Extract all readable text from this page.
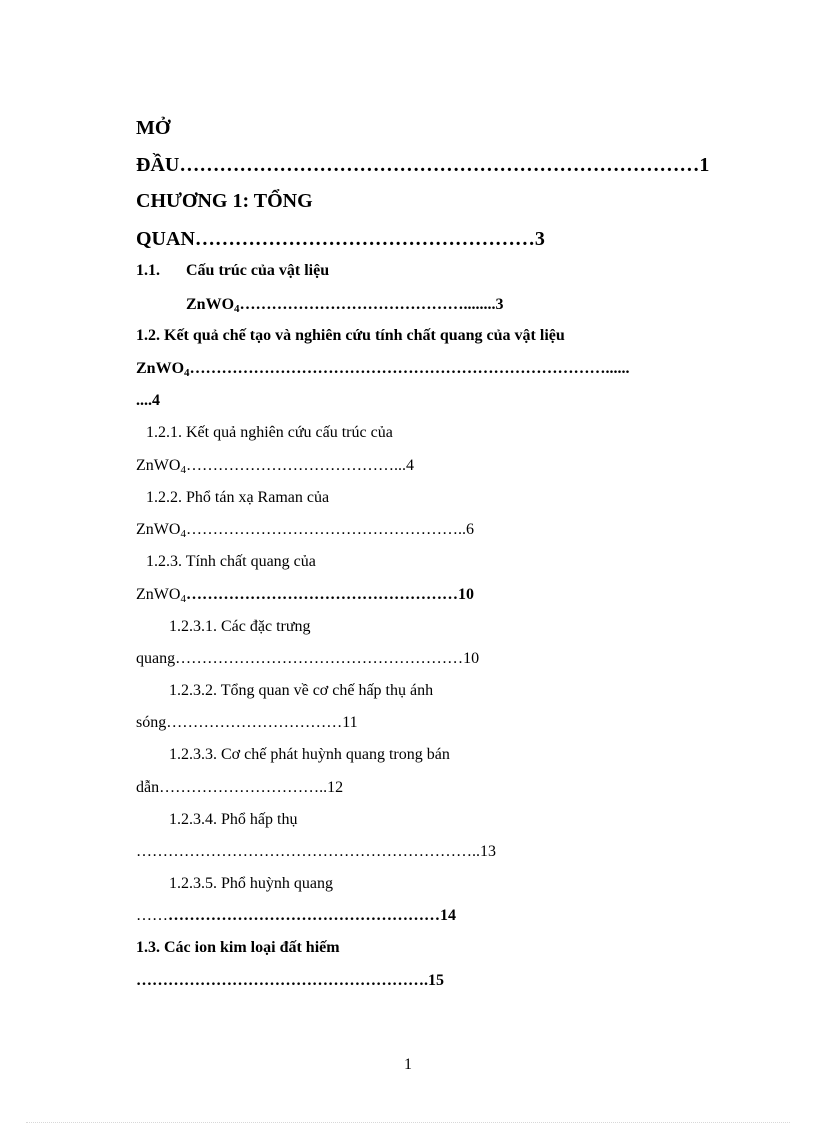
MỞ
ĐẦU……………………………………………………………………1
CHƯƠNG 1: TỔNG
QUAN……………………………………………3
1.1. Cấu trúc của vật liệu
ZnWO$_4$……………………………………........3
1.2. Kết quả chế tạo và nghiên cứu tính chất quang của vật liệu
ZnWO$_4$……………………………………………………………………......
....4
1.2.1. Kết quả nghiên cứu cấu trúc của
ZnWO$_4$…………………………………...4
1.2.2. Phổ tán xạ Raman của
ZnWO$_4$……………………………………………..6
1.2.3. Tính chất quang của
ZnWO$_4$……………………………………………10
1.2.3.1. Các đặc trưng
quang………………………………………………10
1.2.3.2. Tổng quan về cơ chế hấp thụ ánh
sóng……………………………11
1.2.3.3. Cơ chế phát huỳnh quang trong bán
dẫn…………………………..12
1.2.3.4. Phổ hấp thụ
………………………………………………………..13
1.2.3.5. Phổ huỳnh quang
…………………………………………………14
1.3. Các ion kim loại đất hiếm
……………………………………………….15
1
